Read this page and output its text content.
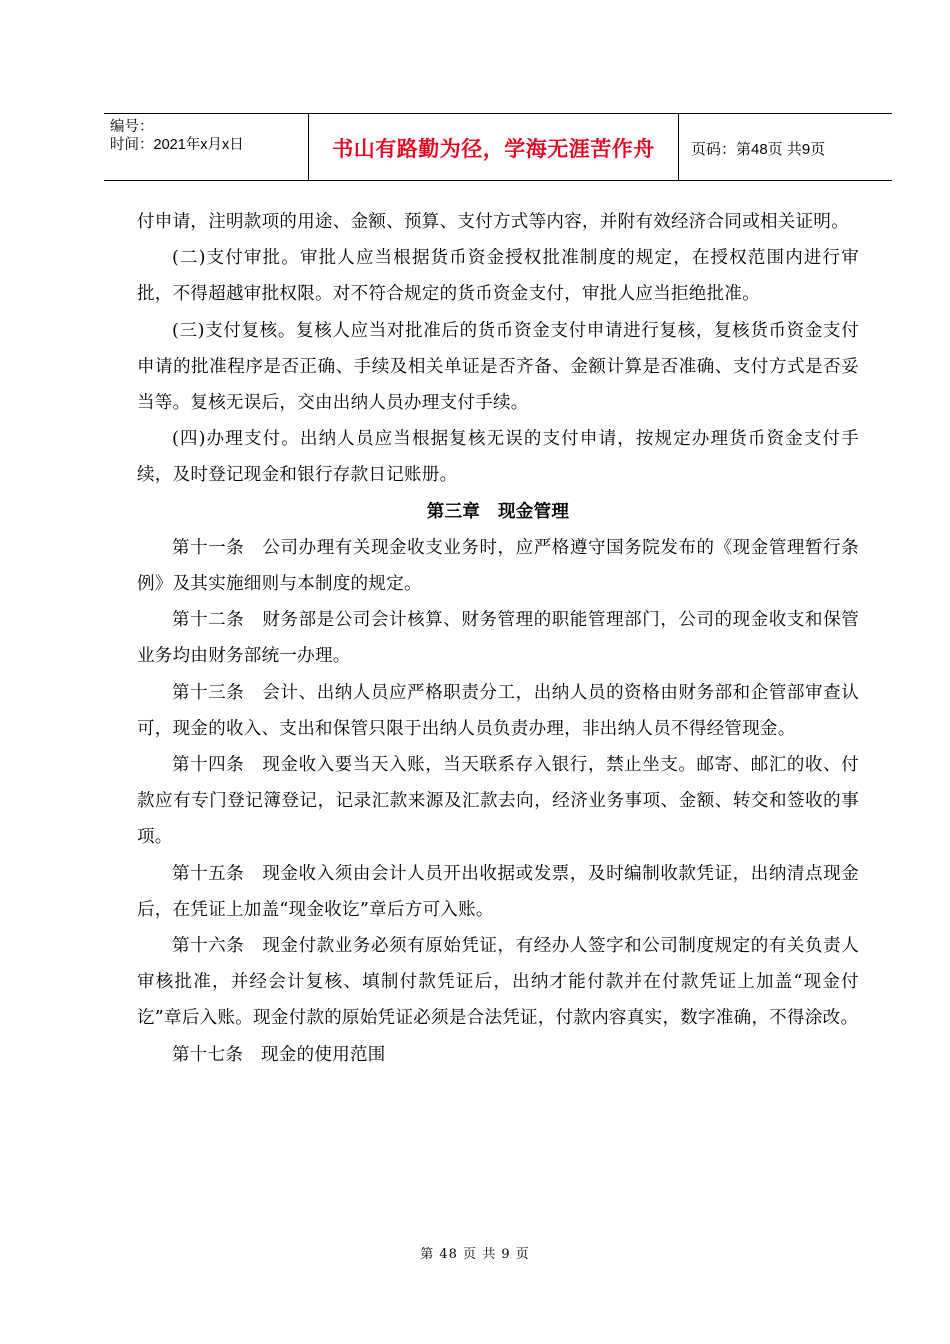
编号：
时间：2021年x月x日	书山有路勤为径，学海无涯苦作舟	页码：第48页 共9页

付申请，注明款项的用途、金额、预算、支付方式等内容，并附有效经济合同或相关证明。

(二)支付审批。审批人应当根据货币资金授权批准制度的规定，在授权范围内进行审批，不得超越审批权限。对不符合规定的货币资金支付，审批人应当拒绝批准。

(三)支付复核。复核人应当对批准后的货币资金支付申请进行复核，复核货币资金支付申请的批准程序是否正确、手续及相关单证是否齐备、金额计算是否准确、支付方式是否妥当等。复核无误后，交由出纳人员办理支付手续。

(四)办理支付。出纳人员应当根据复核无误的支付申请，按规定办理货币资金支付手续，及时登记现金和银行存款日记账册。

第三章　现金管理

第十一条　公司办理有关现金收支业务时，应严格遵守国务院发布的《现金管理暂行条例》及其实施细则与本制度的规定。

第十二条　财务部是公司会计核算、财务管理的职能管理部门，公司的现金收支和保管业务均由财务部统一办理。

第十三条　会计、出纳人员应严格职责分工，出纳人员的资格由财务部和企管部审查认可，现金的收入、支出和保管只限于出纳人员负责办理，非出纳人员不得经管现金。

第十四条　现金收入要当天入账，当天联系存入银行，禁止坐支。邮寄、邮汇的收、付款应有专门登记簿登记，记录汇款来源及汇款去向，经济业务事项、金额、转交和签收的事项。

第十五条　现金收入须由会计人员开出收据或发票，及时编制收款凭证，出纳清点现金后，在凭证上加盖“现金收讫”章后方可入账。

第十六条　现金付款业务必须有原始凭证，有经办人签字和公司制度规定的有关负责人审核批准，并经会计复核、填制付款凭证后，出纳才能付款并在付款凭证上加盖“现金付讫”章后入账。现金付款的原始凭证必须是合法凭证，付款内容真实，数字准确，不得涂改。

第十七条　现金的使用范围

第 48 页 共 9 页
